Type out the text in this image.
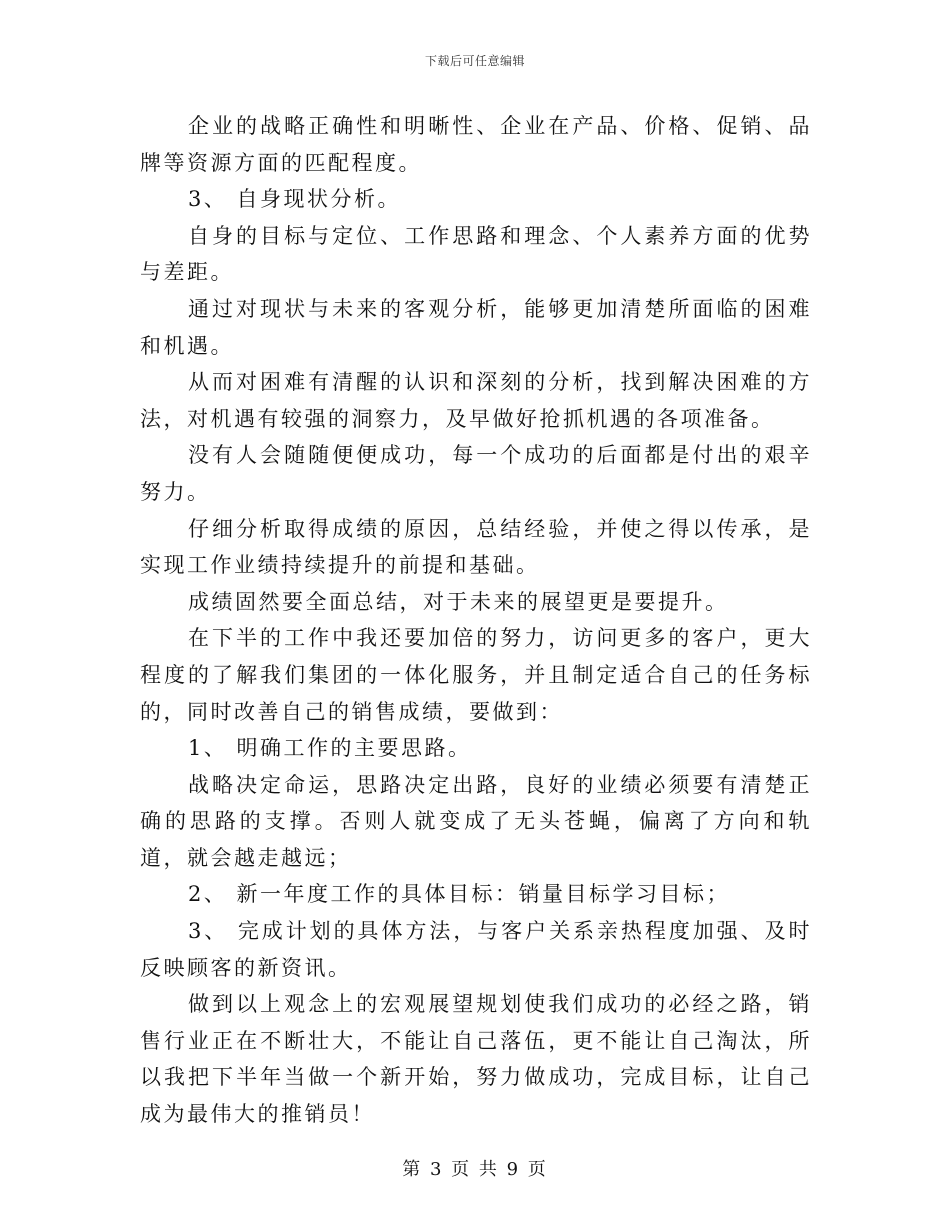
下载后可任意编辑

企业的战略正确性和明晰性、企业在产品、价格、促销、品牌等资源方面的匹配程度。

3、 自身现状分析。

自身的目标与定位、工作思路和理念、个人素养方面的优势与差距。

通过对现状与未来的客观分析，能够更加清楚所面临的困难和机遇。

从而对困难有清醒的认识和深刻的分析，找到解决困难的方法，对机遇有较强的洞察力，及早做好抢抓机遇的各项准备。

没有人会随随便便成功，每一个成功的后面都是付出的艰辛努力。

仔细分析取得成绩的原因，总结经验，并使之得以传承，是实现工作业绩持续提升的前提和基础。

成绩固然要全面总结，对于未来的展望更是要提升。

在下半的工作中我还要加倍的努力，访问更多的客户，更大程度的了解我们集团的一体化服务，并且制定适合自己的任务标的，同时改善自己的销售成绩，要做到：

1、 明确工作的主要思路。

战略决定命运，思路决定出路，良好的业绩必须要有清楚正确的思路的支撑。否则人就变成了无头苍蝇，偏离了方向和轨道，就会越走越远；

2、 新一年度工作的具体目标：销量目标学习目标；

3、 完成计划的具体方法，与客户关系亲热程度加强、及时反映顾客的新资讯。

做到以上观念上的宏观展望规划使我们成功的必经之路，销售行业正在不断壮大，不能让自己落伍，更不能让自己淘汰，所以我把下半年当做一个新开始，努力做成功，完成目标，让自己成为最伟大的推销员！

第 3 页 共 9 页
